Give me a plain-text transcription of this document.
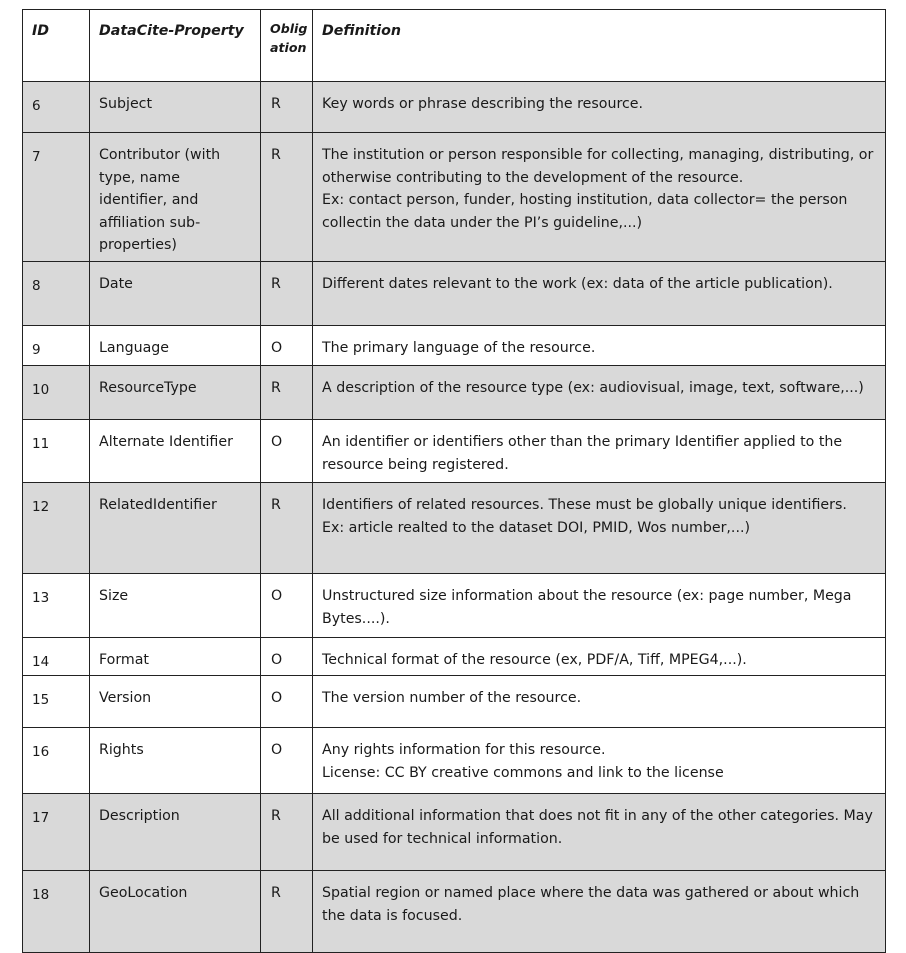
ID	DataCite-Property	Obligation	Definition
6	Subject	R	Key words or phrase describing the resource.

7	Contributor (with type, name identifier, and affiliation sub-properties)	R	The institution or person responsible for collecting, managing, distributing, or otherwise contributing to the development of the resource.
Ex: contact person, funder, hosting institution, data collector= the person collectin the data under the PI’s guideline,...)

8	Date	R	Different dates relevant to the work (ex: data of the article publication).

9	Language	O	The primary language of the resource.

10	ResourceType	R	A description of the resource type (ex: audiovisual, image, text, software,...)

11	Alternate Identifier	O	An identifier or identifiers other than the primary Identifier applied to the resource being registered.

12	RelatedIdentifier	R	Identifiers of related resources. These must be globally unique identifiers.
Ex: article realted to the dataset DOI, PMID, Wos number,...)

13	Size	O	Unstructured size information about the resource (ex: page number, Mega Bytes....).

14	Format	O	Technical format of the resource (ex, PDF/A, Tiff, MPEG4,...).

15	Version	O	The version number of the resource.

16	Rights	O	Any rights information for this resource.
License: CC BY creative commons and link to the license

17	Description	R	All additional information that does not fit in any of the other categories. May be used for technical information.

18	GeoLocation	R	Spatial region or named place where the data was gathered or about which the data is focused.
